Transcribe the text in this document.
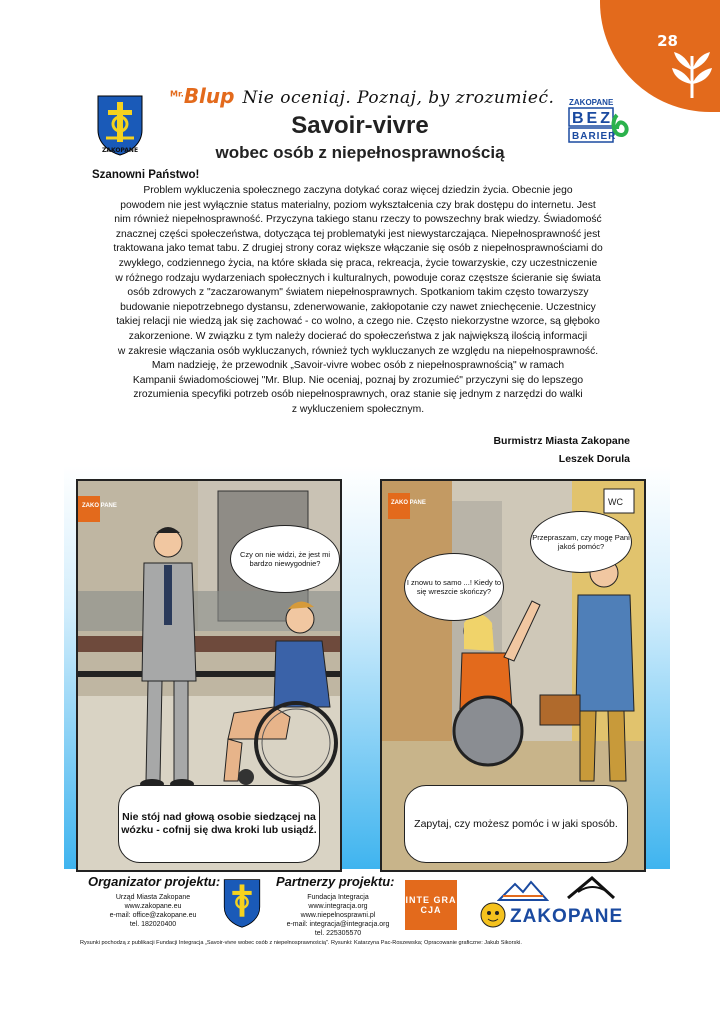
28
ZAKOPANE
$^{Mr.}$Blup Nie oceniaj. Poznaj, by zrozumieć.
Savoir-vivre
wobec osób z niepełnosprawnością
ZAKOPANE
BEZ
BARIER
Szanowni Państwo!
Problem wykluczenia społecznego zaczyna dotykać coraz więcej dziedzin życia. Obecnie jego
powodem nie jest wyłącznie status materialny, poziom wykształcenia czy brak dostępu do internetu. Jest
nim również niepełnosprawność. Przyczyna takiego stanu rzeczy to powszechny brak wiedzy. Świadomość
znacznej części społeczeństwa, dotycząca tej problematyki jest niewystarczająca. Niepełnosprawność jest
traktowana jako temat tabu. Z drugiej strony coraz większe włączanie się osób z niepełnosprawnościami do
zwykłego, codziennego życia, na które składa się praca, rekreacja, życie towarzyskie, czy uczestniczenie
w różnego rodzaju wydarzeniach społecznych i kulturalnych, powoduje coraz częstsze ścieranie się świata
osób zdrowych z "zaczarowanym" światem niepełnosprawnych. Spotkaniom takim często towarzyszy
budowanie niepotrzebnego dystansu, zdenerwowanie, zakłopotanie czy nawet zniechęcenie. Uczestnicy
takiej relacji nie wiedzą jak się zachować - co wolno, a czego nie. Często niekorzystne wzorce, są głęboko
zakorzenione. W związku z tym należy docierać do społeczeństwa z jak największą ilością informacji
w zakresie włączania osób wykluczanych, również tych wykluczanych ze względu na niepełnosprawność.
Mam nadzieję, że przewodnik „Savoir-vivre wobec osób z niepełnosprawnością" w ramach
Kampanii świadomościowej "Mr. Blup. Nie oceniaj, poznaj by zrozumieć" przyczyni się do lepszego
zrozumienia specyfiki potrzeb osób niepełnosprawnych, oraz stanie się jednym z narzędzi do walki
z wykluczeniem społecznym.
Burmistrz Miasta Zakopane
Leszek Dorula
ZAKO PANE
Czy on nie widzi, że jest mi bardzo niewygodnie?
Nie stój nad głową osobie siedzącej na wózku - cofnij się dwa kroki lub usiądź.
ZAKO PANE	WC
Przepraszam, czy mogę Pani jakoś pomóc?
I znowu to samo ...! Kiedy to się wreszcie skończy?
Zapytaj, czy możesz pomóc i w jaki sposób.
Organizator projektu:
Urząd Miasta Zakopane
www.zakopane.eu
e-mail: office@zakopane.eu
tel. 182020400
Partnerzy projektu:
Fundacja Integracja
www.integracja.org
www.niepelnosprawni.pl
e-mail: integracja@integracja.org
tel. 225305570
INTE GRA CJA	ZAKOPANE
Rysunki pochodzą z publikacji Fundacji Integracja „Savoir-vivre wobec osób z niepełnosprawnością". Rysunki: Katarzyna Pac-Roszewska; Opracowanie graficzne: Jakub Sikorski.
